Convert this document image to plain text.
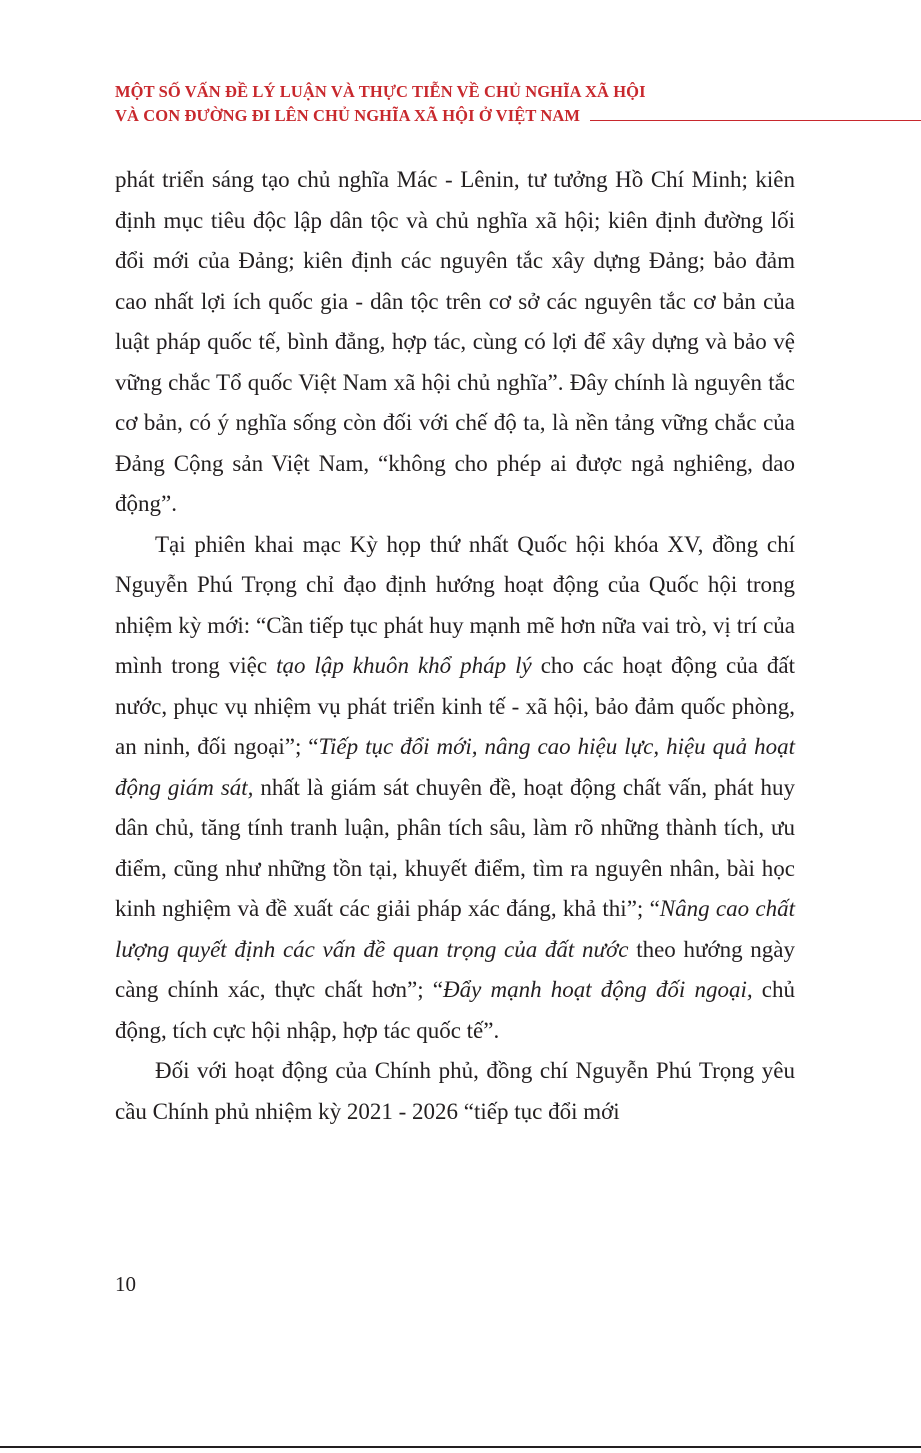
MỘT SỐ VẤN ĐỀ LÝ LUẬN VÀ THỰC TIỄN VỀ CHỦ NGHĨA XÃ HỘI
VÀ CON ĐƯỜNG ĐI LÊN CHỦ NGHĨA XÃ HỘI Ở VIỆT NAM

phát triển sáng tạo chủ nghĩa Mác - Lênin, tư tưởng Hồ Chí Minh; kiên định mục tiêu độc lập dân tộc và chủ nghĩa xã hội; kiên định đường lối đổi mới của Đảng; kiên định các nguyên tắc xây dựng Đảng; bảo đảm cao nhất lợi ích quốc gia - dân tộc trên cơ sở các nguyên tắc cơ bản của luật pháp quốc tế, bình đẳng, hợp tác, cùng có lợi để xây dựng và bảo vệ vững chắc Tổ quốc Việt Nam xã hội chủ nghĩa”. Đây chính là nguyên tắc cơ bản, có ý nghĩa sống còn đối với chế độ ta, là nền tảng vững chắc của Đảng Cộng sản Việt Nam, “không cho phép ai được ngả nghiêng, dao động”.

Tại phiên khai mạc Kỳ họp thứ nhất Quốc hội khóa XV, đồng chí Nguyễn Phú Trọng chỉ đạo định hướng hoạt động của Quốc hội trong nhiệm kỳ mới: “Cần tiếp tục phát huy mạnh mẽ hơn nữa vai trò, vị trí của mình trong việc tạo lập khuôn khổ pháp lý cho các hoạt động của đất nước, phục vụ nhiệm vụ phát triển kinh tế - xã hội, bảo đảm quốc phòng, an ninh, đối ngoại”; “Tiếp tục đổi mới, nâng cao hiệu lực, hiệu quả hoạt động giám sát, nhất là giám sát chuyên đề, hoạt động chất vấn, phát huy dân chủ, tăng tính tranh luận, phân tích sâu, làm rõ những thành tích, ưu điểm, cũng như những tồn tại, khuyết điểm, tìm ra nguyên nhân, bài học kinh nghiệm và đề xuất các giải pháp xác đáng, khả thi”; “Nâng cao chất lượng quyết định các vấn đề quan trọng của đất nước theo hướng ngày càng chính xác, thực chất hơn”; “Đẩy mạnh hoạt động đối ngoại, chủ động, tích cực hội nhập, hợp tác quốc tế”.

Đối với hoạt động của Chính phủ, đồng chí Nguyễn Phú Trọng yêu cầu Chính phủ nhiệm kỳ 2021 - 2026 “tiếp tục đổi mới

10
